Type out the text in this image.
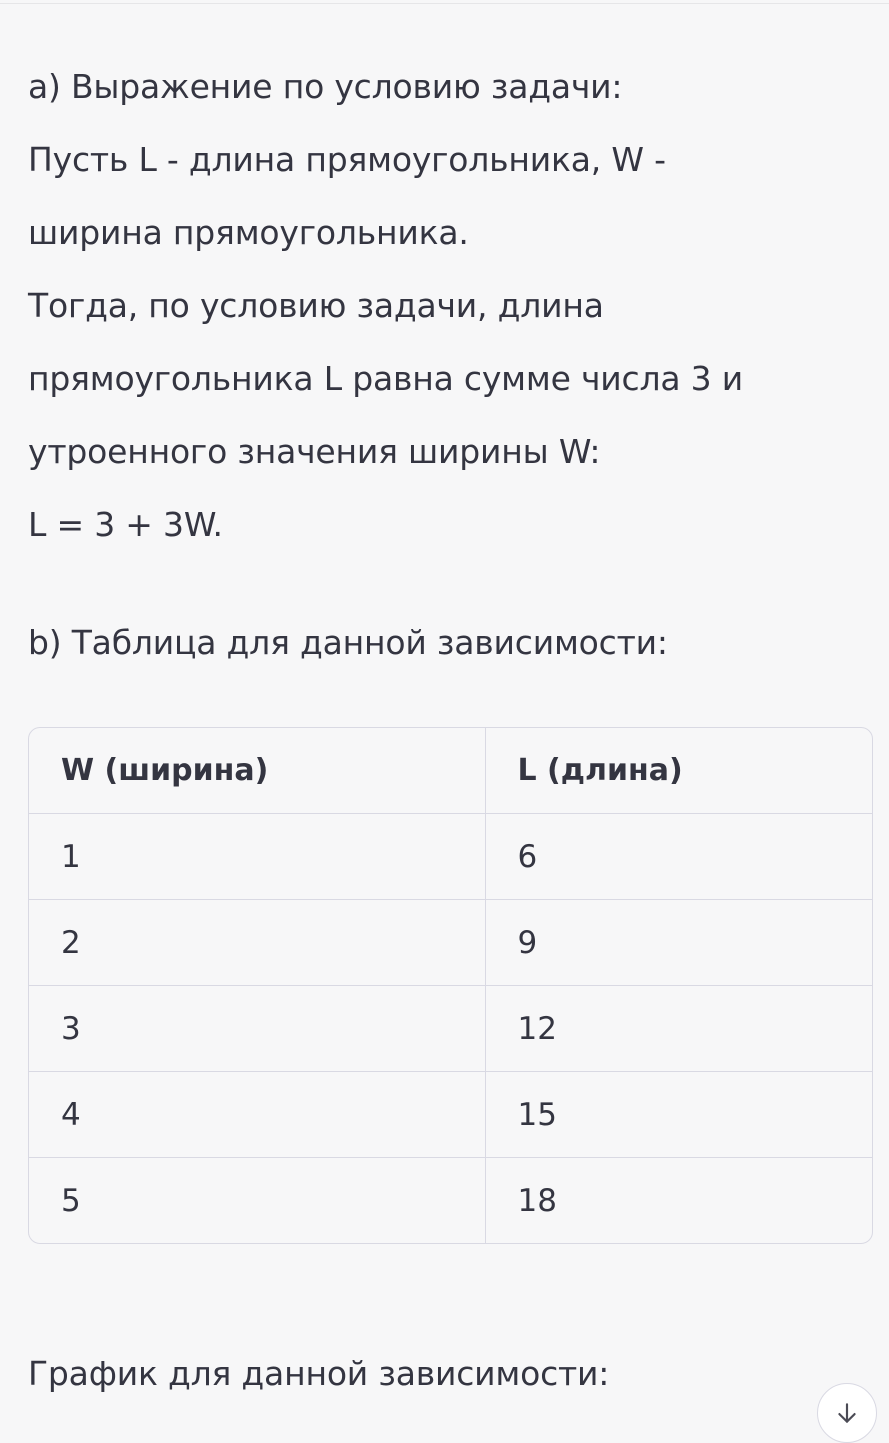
a) Выражение по условию задачи:

Пусть L - длина прямоугольника, W -

ширина прямоугольника.

Тогда, по условию задачи, длина

прямоугольника L равна сумме числа 3 и

утроенного значения ширины W:

L = 3 + 3W.

b) Таблица для данной зависимости:

W (ширина)	L (длина)
1	6
2	9
3	12
4	15
5	18

График для данной зависимости:
